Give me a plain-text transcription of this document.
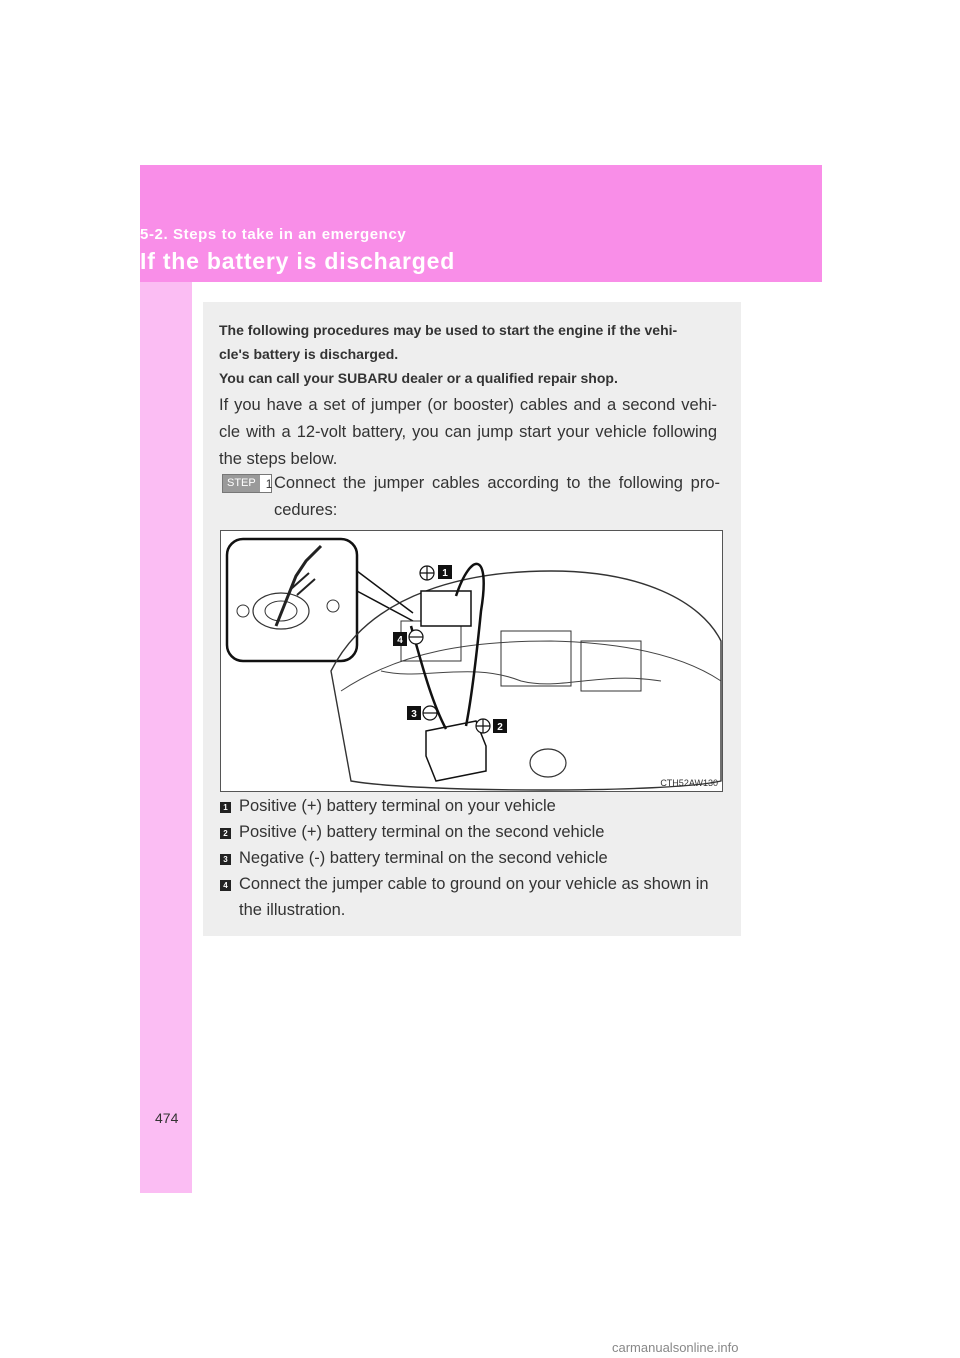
5-2. Steps to take in an emergency
If the battery is discharged
The following procedures may be used to start the engine if the vehi-
cle's battery is discharged.
You can call your SUBARU dealer or a qualified repair shop.
If you have a set of jumper (or booster) cables and a second vehi- cle with a 12-volt battery, you can jump start your vehicle following the steps below.
STEP 1 Connect the jumper cables according to the following pro- cedures:
1
4
3
2
CTH52AW130
1 Positive (+) battery terminal on your vehicle
2 Positive (+) battery terminal on the second vehicle
3 Negative (-) battery terminal on the second vehicle
4 Connect the jumper cable to ground on your vehicle as shown in the illustration.
474
carmanualsonline.info
